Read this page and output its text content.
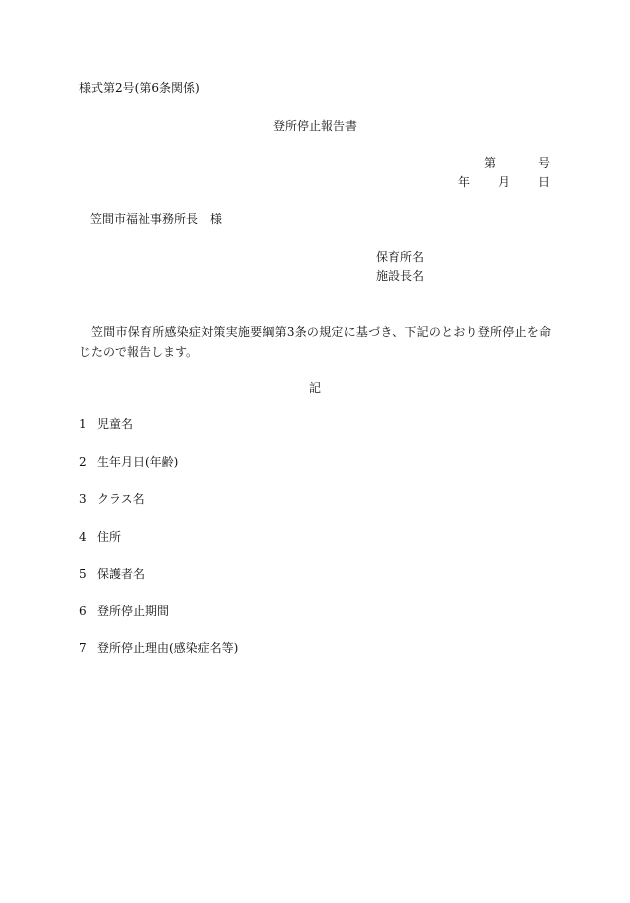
様式第2号(第6条関係)
登所停止報告書
第	号
年 月 日
笠間市福祉事務所長 様
保育所名
施設長名
笠間市保育所感染症対策実施要綱第3条の規定に基づき、下記のとおり登所停止を命じたので報告します。
記
1 児童名
2 生年月日(年齢)
3 クラス名
4 住所
5 保護者名
6 登所停止期間
7 登所停止理由(感染症名等)
